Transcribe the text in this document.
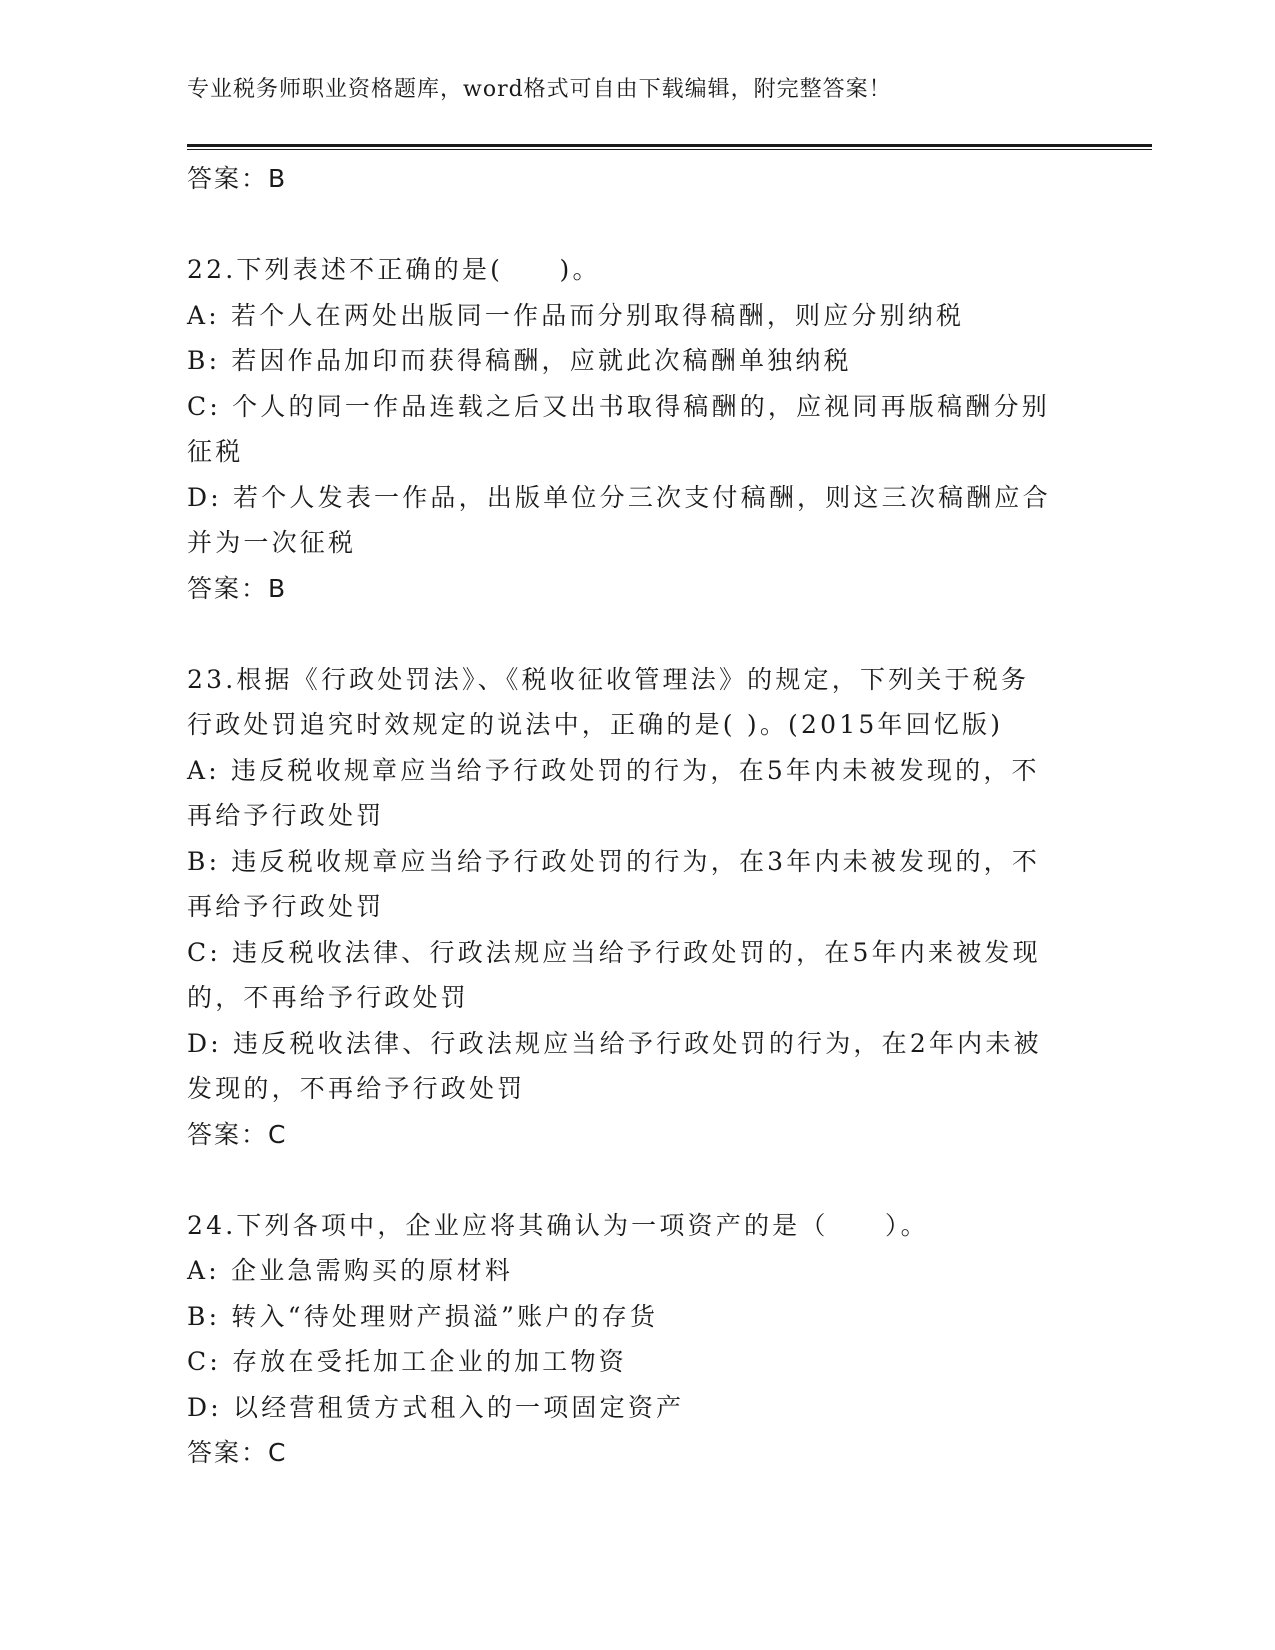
专业税务师职业资格题库，word格式可自由下载编辑，附完整答案！
答案：B
22.下列表述不正确的是(　　)。
A: 若个人在两处出版同一作品而分别取得稿酬，则应分别纳税
B: 若因作品加印而获得稿酬，应就此次稿酬单独纳税
C: 个人的同一作品连载之后又出书取得稿酬的，应视同再版稿酬分别
征税
D: 若个人发表一作品，出版单位分三次支付稿酬，则这三次稿酬应合
并为一次征税
答案：B
23.根据《行政处罚法》、《税收征收管理法》的规定，下列关于税务
行政处罚追究时效规定的说法中，正确的是( )。(2015年回忆版)
A: 违反税收规章应当给予行政处罚的行为，在5年内未被发现的，不
再给予行政处罚
B: 违反税收规章应当给予行政处罚的行为，在3年内未被发现的，不
再给予行政处罚
C: 违反税收法律、行政法规应当给予行政处罚的，在5年内来被发现
的，不再给予行政处罚
D: 违反税收法律、行政法规应当给予行政处罚的行为，在2年内未被
发现的，不再给予行政处罚
答案：C
24.下列各项中，企业应将其确认为一项资产的是（　　）。
A: 企业急需购买的原材料
B: 转入“待处理财产损溢”账户的存货
C: 存放在受托加工企业的加工物资
D: 以经营租赁方式租入的一项固定资产
答案：C
